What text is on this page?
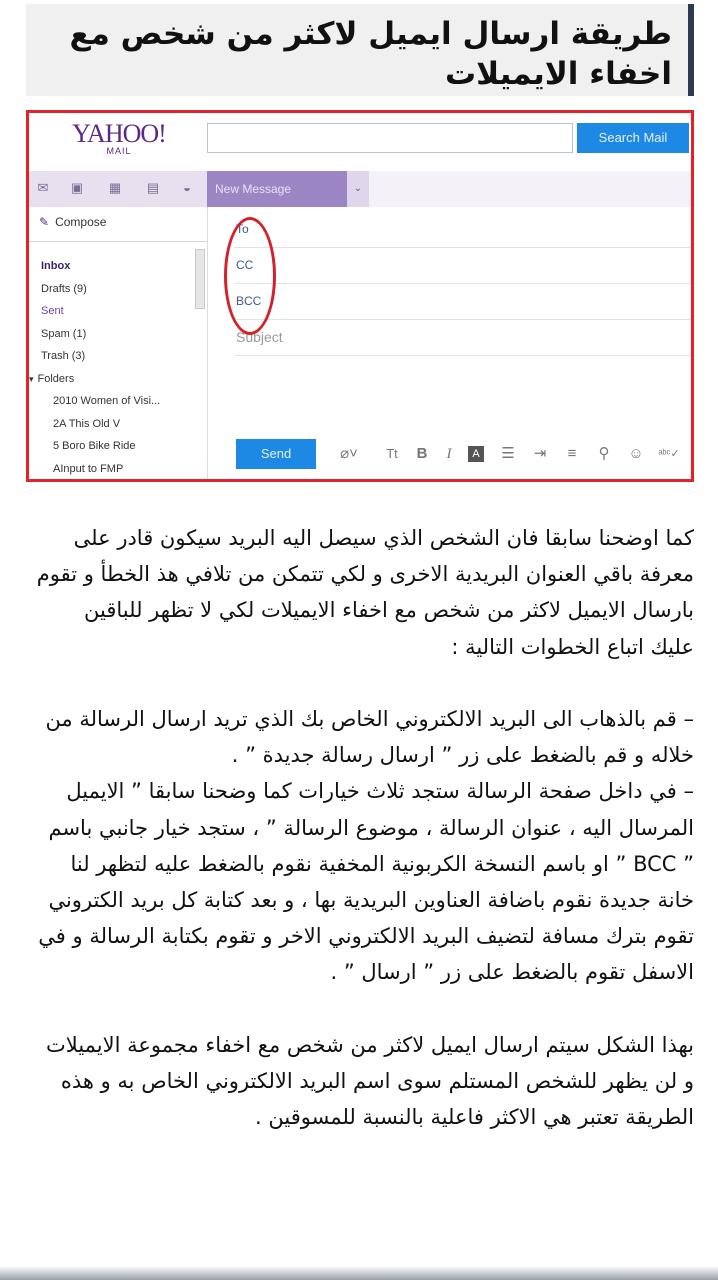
طريقة ارسال ايميل لاكثر من شخص مع اخفاء الايميلات
YAHOO!
MAIL
Search Mail
✉ ▣ ▦ ▤	◒	New Message	⌄
✎ Compose
Inbox
Drafts (9)
Sent
Spam (1)
Trash (3)
▾ Folders
2010 Women of Visi...
2A This Old V
5 Boro Bike Ride
AInput to FMP
To
CC
BCC
Subject
Send	⌀˅	Tt B	I	A ☰ ⇥	≡	⚲	☺	ᵃᵇᶜ✓

كما اوضحنا سابقا فان الشخص الذي سيصل اليه البريد سيكون قادر على معرفة باقي العنوان البريدية الاخرى و لكي تتمكن من تلافي هذ الخطأ و تقوم بارسال الايميل لاكثر من شخص مع اخفاء الايميلات لكي لا تظهر للباقين عليك اتباع الخطوات التالية :

– قم بالذهاب الى البريد الالكتروني الخاص بك الذي تريد ارسال الرسالة من خلاله و قم بالضغط على زر ” ارسال رسالة جديدة ” .

– في داخل صفحة الرسالة ستجد ثلاث خيارات كما وضحنا سابقا ” الايميل المرسال اليه ، عنوان الرسالة ، موضوع الرسالة ” ، ستجد خيار جانبي باسم ” BCC ” او باسم النسخة الكربونية المخفية نقوم بالضغط عليه لتظهر لنا خانة جديدة نقوم باضافة العناوين البريدية بها ، و بعد كتابة كل بريد الكتروني تقوم بترك مسافة لتضيف البريد الالكتروني الاخر و تقوم بكتابة الرسالة و في الاسفل تقوم بالضغط على زر ” ارسال ” .

بهذا الشكل سيتم ارسال ايميل لاكثر من شخص مع اخفاء مجموعة الايميلات و لن يظهر للشخص المستلم سوى اسم البريد الالكتروني الخاص به و هذه الطريقة تعتبر هي الاكثر فاعلية بالنسبة للمسوقين .
